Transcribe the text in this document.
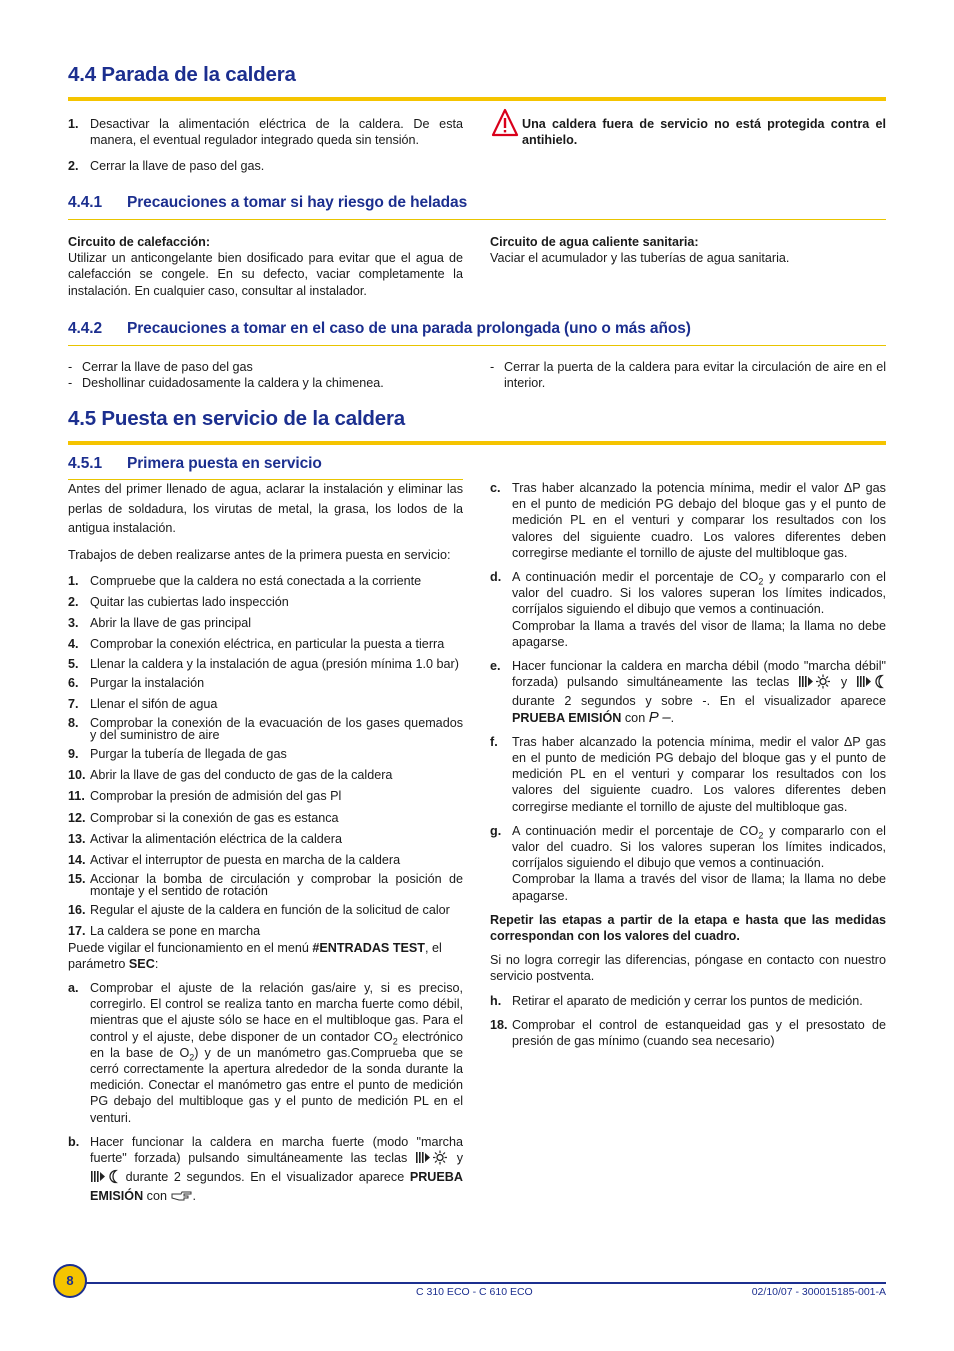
4.4 Parada de la caldera
1. Desactivar la alimentación eléctrica de la caldera. De esta manera, el eventual regulador integrado queda sin tensión.
2. Cerrar la llave de paso del gas.
Una caldera fuera de servicio no está protegida contra el antihielo.
4.4.1 Precauciones a tomar si hay riesgo de heladas
Circuito de calefacción:
Utilizar un anticongelante bien dosificado para evitar que el agua de calefacción se congele. En su defecto, vaciar completamente la instalación. En cualquier caso, consultar al instalador.
Circuito de agua caliente sanitaria:
Vaciar el acumulador y las tuberías de agua sanitaria.
4.4.2 Precauciones a tomar en el caso de una parada prolongada (uno o más años)
- Cerrar la llave de paso del gas
- Deshollinar cuidadosamente la caldera y la chimenea.
- Cerrar la puerta de la caldera para evitar la circulación de aire en el interior.
4.5 Puesta en servicio de la caldera
4.5.1 Primera puesta en servicio

Antes del primer llenado de agua, aclarar la instalación y eliminar las perlas de soldadura, los virutas de metal, la grasa, los lodos de la antigua instalación.

Trabajos de deben realizarse antes de la primera puesta en servicio:

1. Compruebe que la caldera no está conectada a la corriente
2. Quitar las cubiertas lado inspección
3. Abrir la llave de gas principal
4. Comprobar la conexión eléctrica, en particular la puesta a tierra
5. Llenar la caldera y la instalación de agua (presión mínima 1.0 bar)
6. Purgar la instalación
7. Llenar el sifón de agua
8. Comprobar la conexión de la evacuación de los gases quemados y del suministro de aire
9. Purgar la tubería de llegada de gas
10. Abrir la llave de gas del conducto de gas de la caldera
11. Comprobar la presión de admisión del gas Pl
12. Comprobar si la conexión de gas es estanca
13. Activar la alimentación eléctrica de la caldera
14. Activar el interruptor de puesta en marcha de la caldera
15. Accionar la bomba de circulación y comprobar la posición de montaje y el sentido de rotación
16. Regular el ajuste de la caldera en función de la solicitud de calor
17. La caldera se pone en marcha

Puede vigilar el funcionamiento en el menú #ENTRADAS TEST, el parámetro SEC:

a. Comprobar el ajuste de la relación gas/aire y, si es preciso, corregirlo. El control se realiza tanto en marcha fuerte como débil, mientras que el ajuste sólo se hace en el multibloque gas. Para el control y el ajuste, debe disponer de un contador $CO_2$ electrónico en la base de $O_2$) y de un manómetro gas.Comprueba que se cerró correctamente la apertura alrededor de la sonda durante la medición. Conectar el manómetro gas entre el punto de medición PG debajo del multibloque gas y el punto de medición PL en el venturi.
b. Hacer funcionar la caldera en marcha fuerte (modo "marcha fuerte" forzada) pulsando simultáneamente las teclas	y  durante 2 segundos. En el visualizador aparece PRUEBA EMISIÓN con .
c. Tras haber alcanzado la potencia mínima, medir el valor ΔP gas en el punto de medición PG debajo del bloque gas y el punto de medición PL en el venturi y comparar los resultados con los valores del siguiente cuadro. Los valores diferentes deben corregirse mediante el tornillo de ajuste del multibloque gas.
d. A continuación medir el porcentaje de $CO_2$ y compararlo con el valor del cuadro. Si los valores superan los límites indicados, corríjalos siguiendo el dibujo que vemos a continuación.
Comprobar la llama a través del visor de llama; la llama no debe apagarse.
e. Hacer funcionar la caldera en marcha débil (modo "marcha débil" forzada) pulsando simultáneamente las teclas	y  durante 2 segundos y sobre -. En el visualizador aparece PRUEBA EMISIÓN con P –.
f.	Tras haber alcanzado la potencia mínima, medir el valor ΔP gas en el punto de medición PG debajo del bloque gas y el punto de medición PL en el venturi y comparar los resultados con los valores del siguiente cuadro. Los valores diferentes deben corregirse mediante el tornillo de ajuste del multibloque gas.
g. A continuación medir el porcentaje de $CO_2$ y compararlo con el valor del cuadro. Si los valores superan los límites indicados, corríjalos siguiendo el dibujo que vemos a continuación.
Comprobar la llama a través del visor de llama; la llama no debe apagarse.

Repetir las etapas a partir de la etapa e hasta que las medidas correspondan con los valores del cuadro.

Si no logra corregir las diferencias, póngase en contacto con nuestro servicio postventa.

h. Retirar el aparato de medición y cerrar los puntos de medición.
18. Comprobar el control de estanqueidad gas y el presostato de presión de gas mínimo (cuando sea necesario)
8
C 310 ECO - C 610 ECO	02/10/07 - 300015185-001-A
